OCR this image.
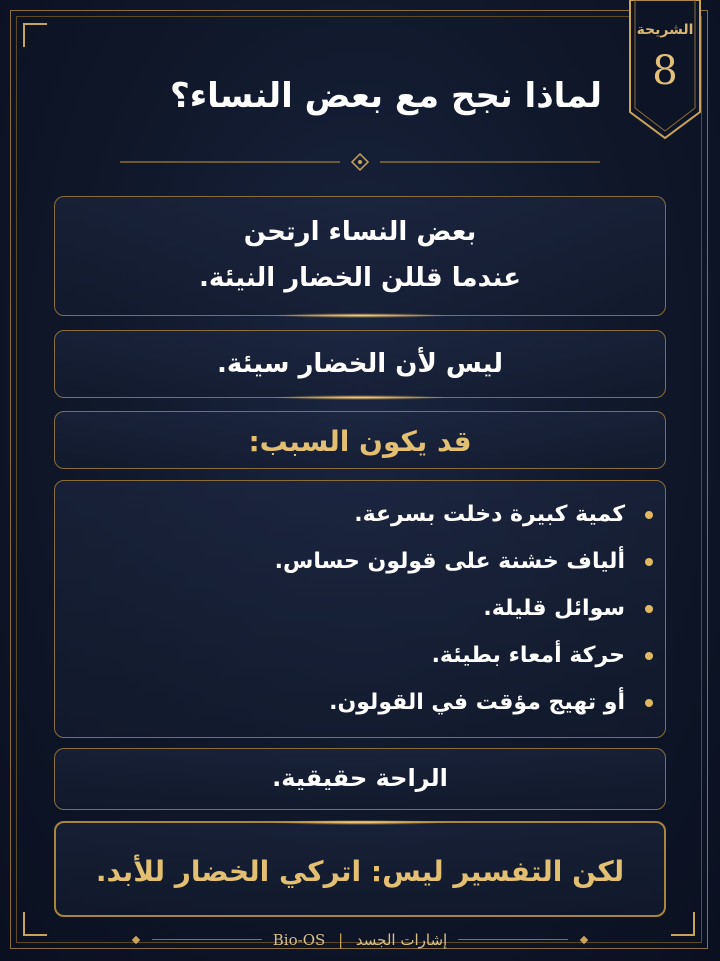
الشريحة
8
لماذا نجح مع بعض النساء؟
بعض النساء ارتحن
عندما قللن الخضار النيئة.
ليس لأن الخضار سيئة.
قد يكون السبب:
كمية كبيرة دخلت بسرعة.
ألياف خشنة على قولون حساس.
سوائل قليلة.
حركة أمعاء بطيئة.
أو تهيج مؤقت في القولون.
الراحة حقيقية.
لكن التفسير ليس: اتركي الخضار للأبد.
إشارات الجسد | Bio-OS
